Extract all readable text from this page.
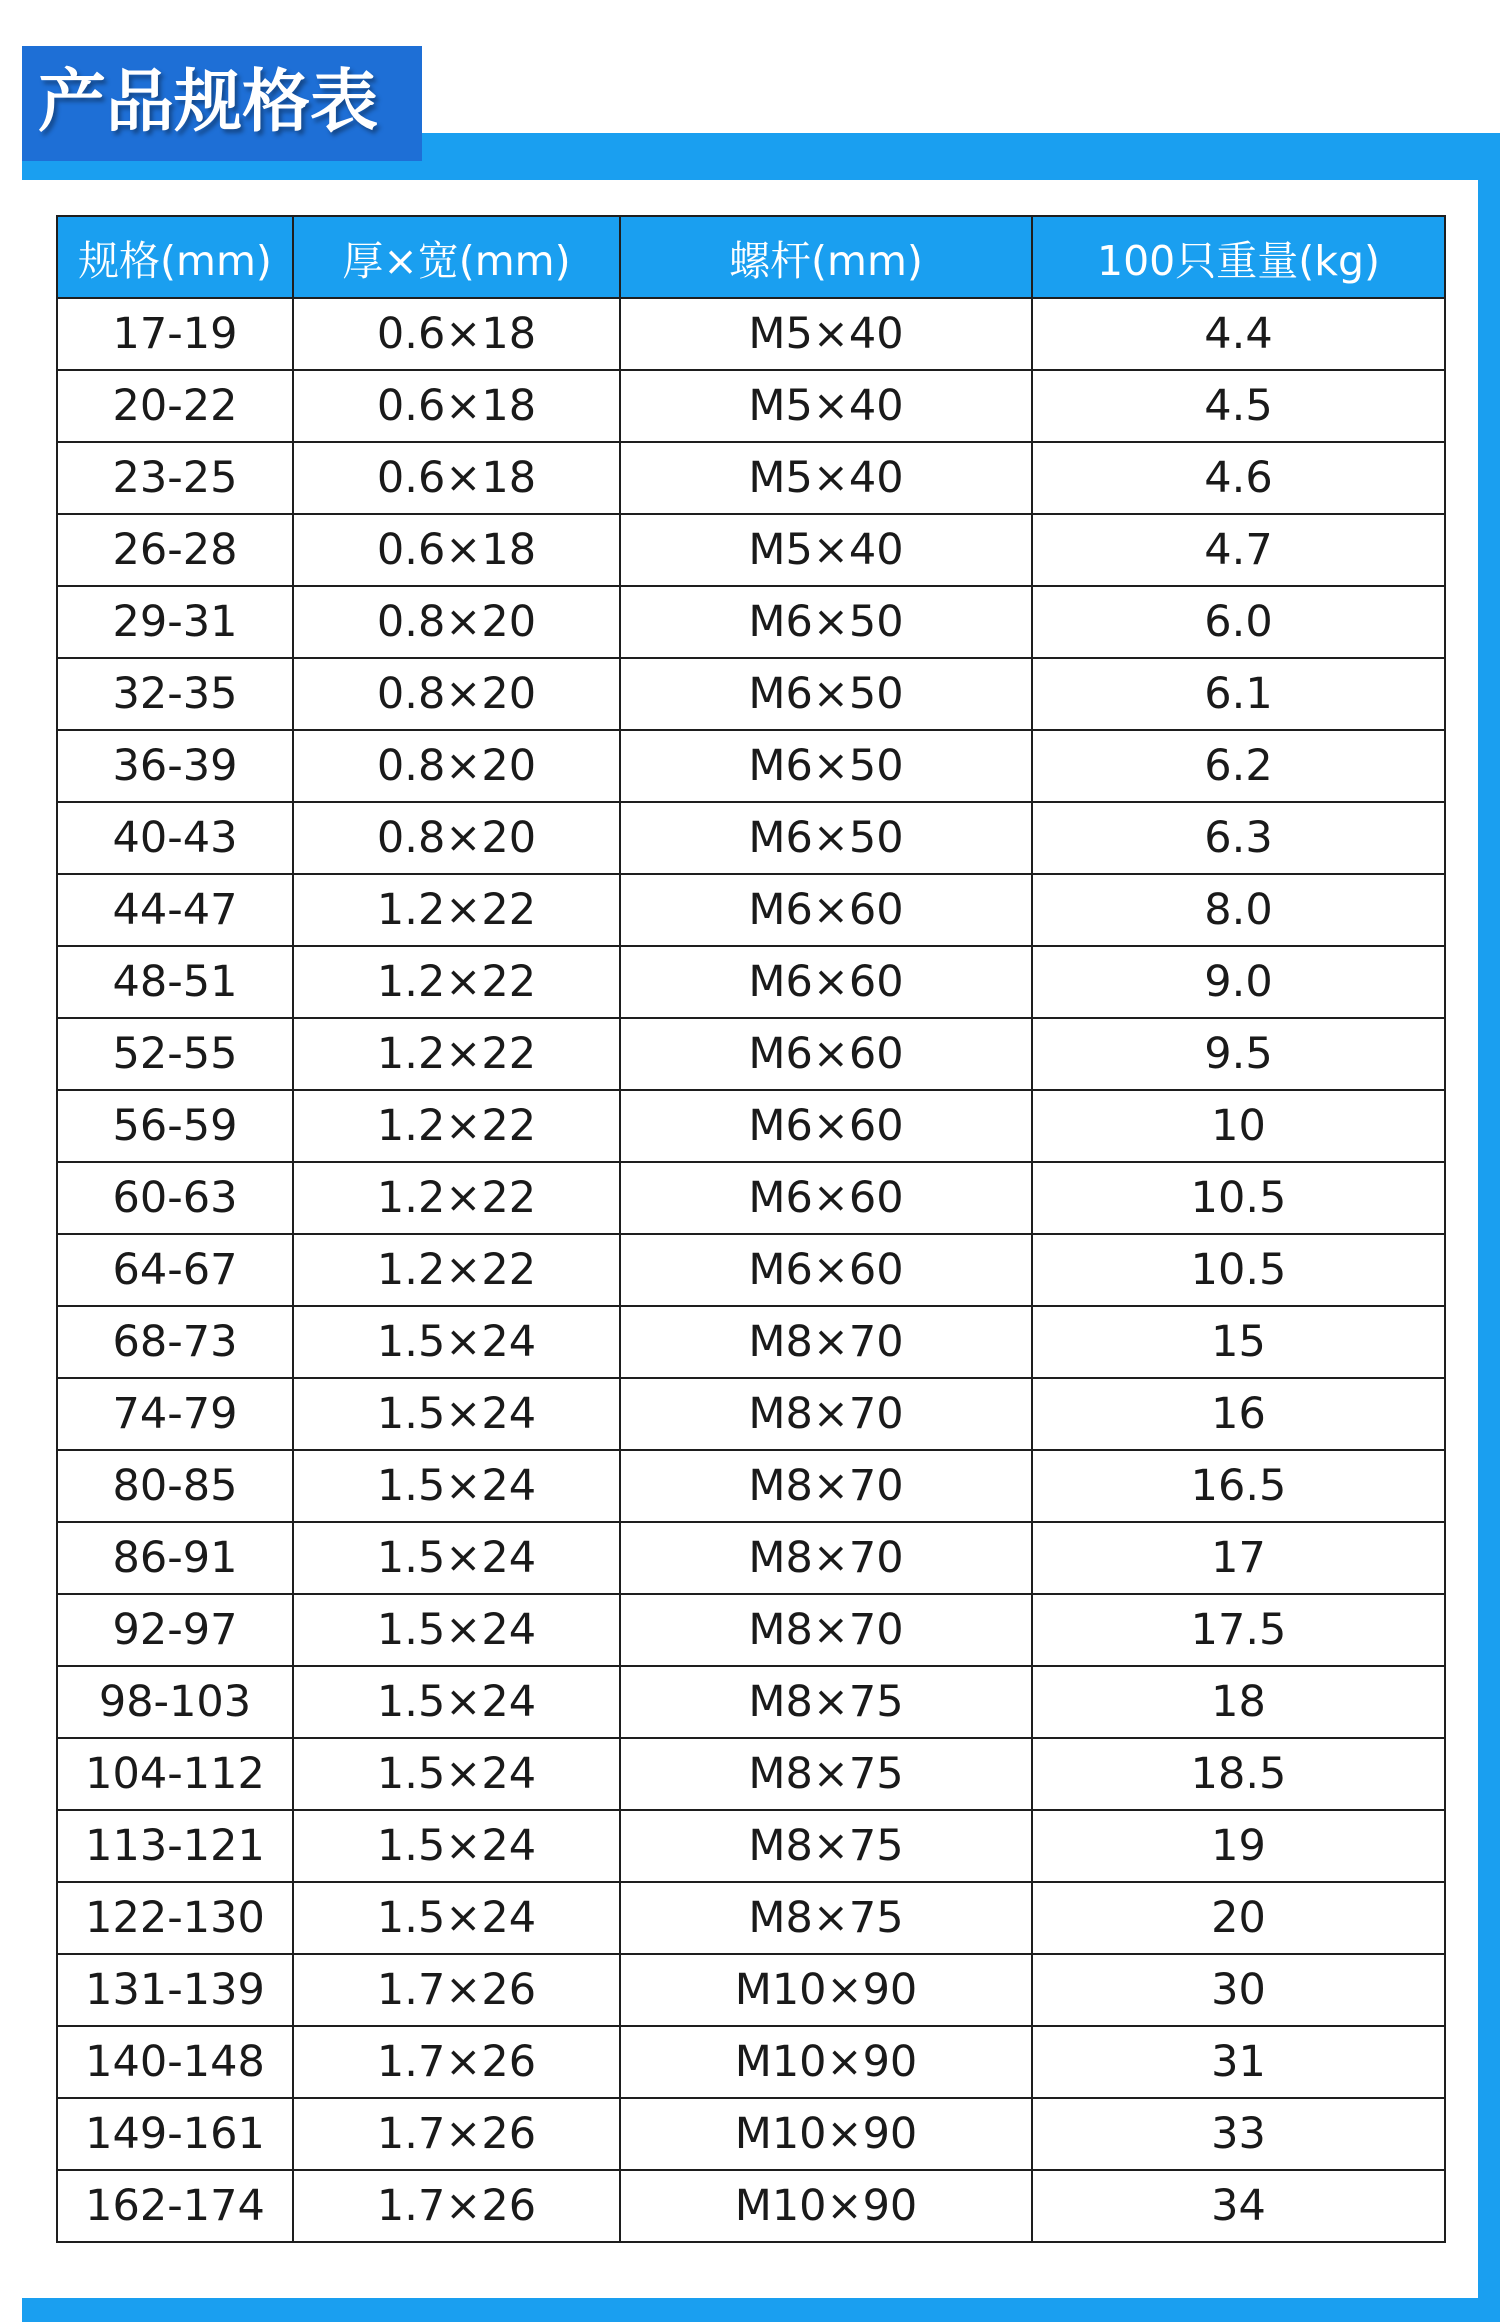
产品规格表
规格(mm)	厚×宽(mm)	螺杆(mm)	100只重量(kg)
17-19	0.6×18	M5×40	4.4
20-22	0.6×18	M5×40	4.5
23-25	0.6×18	M5×40	4.6
26-28	0.6×18	M5×40	4.7
29-31	0.8×20	M6×50	6.0
32-35	0.8×20	M6×50	6.1
36-39	0.8×20	M6×50	6.2
40-43	0.8×20	M6×50	6.3
44-47	1.2×22	M6×60	8.0
48-51	1.2×22	M6×60	9.0
52-55	1.2×22	M6×60	9.5
56-59	1.2×22	M6×60	10
60-63	1.2×22	M6×60	10.5
64-67	1.2×22	M6×60	10.5
68-73	1.5×24	M8×70	15
74-79	1.5×24	M8×70	16
80-85	1.5×24	M8×70	16.5
86-91	1.5×24	M8×70	17
92-97	1.5×24	M8×70	17.5
98-103	1.5×24	M8×75	18
104-112	1.5×24	M8×75	18.5
113-121	1.5×24	M8×75	19
122-130	1.5×24	M8×75	20
131-139	1.7×26	M10×90	30
140-148	1.7×26	M10×90	31
149-161	1.7×26	M10×90	33
162-174	1.7×26	M10×90	34
